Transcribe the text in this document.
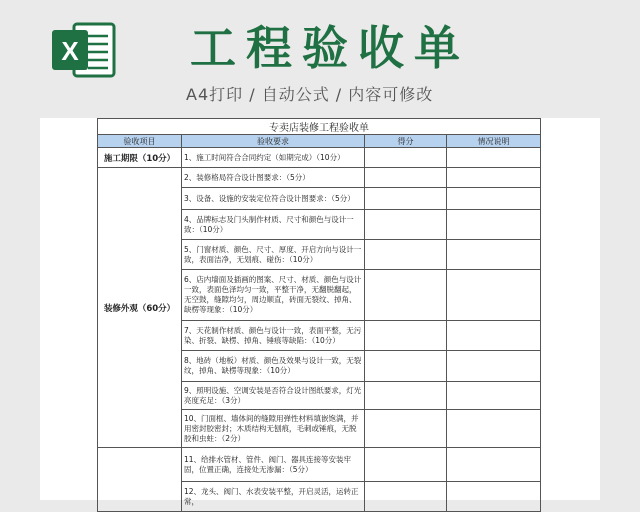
X 工程验收单
A4打印 / 自动公式 / 内容可修改
专卖店装修工程验收单			
验收项目	验收要求	得分	情况说明
施工期限（10分）	1、施工时间符合合同约定（如期完成）（10分）		
装修外观（60分）	2、装修格局符合设计图要求：（5分）		
	3、设备、设施的安装定位符合设计图要求：（5分）		
	4、品牌标志及门头制作材质、尺寸和颜色与设计一致：（10分）		
	5、门窗材质、颜色、尺寸、厚度、开启方向与设计一致，表面洁净，无划痕、碰伤：（10分）		
	6、店内墙面及插画的图案、尺寸、材质、颜色与设计一致，表面色泽均匀一致，平整干净，无翻脱翻起，无空鼓，缝隙均匀，周边顺直，砖面无裂纹、掉角、缺楞等现象：（10分）		
	7、天花制作材质、颜色与设计一致，表面平整，无污染、折裂、缺楞、掉角、锤痕等缺陷：（10分）		
	8、地砖（地板）材质、颜色及效果与设计一致，无裂纹，掉角、缺楞等现象：（10分）		
	9、照明设施、空调安装是否符合设计图纸要求，灯光亮度充足：（3分）		
	10、门面框、墙体间的缝隙用弹性材料填嵌饱满，并用密封胶密封；木质结构无刨痕，毛刺或锤痕，无脱胶和虫蛀：（2分）		
	11、给排水管材、管件、阀门、器具连接等安装牢固，位置正确，连接处无渗漏：（5分）		
	12、龙头、阀门、水表安装平整，开启灵活，运转正常，		
